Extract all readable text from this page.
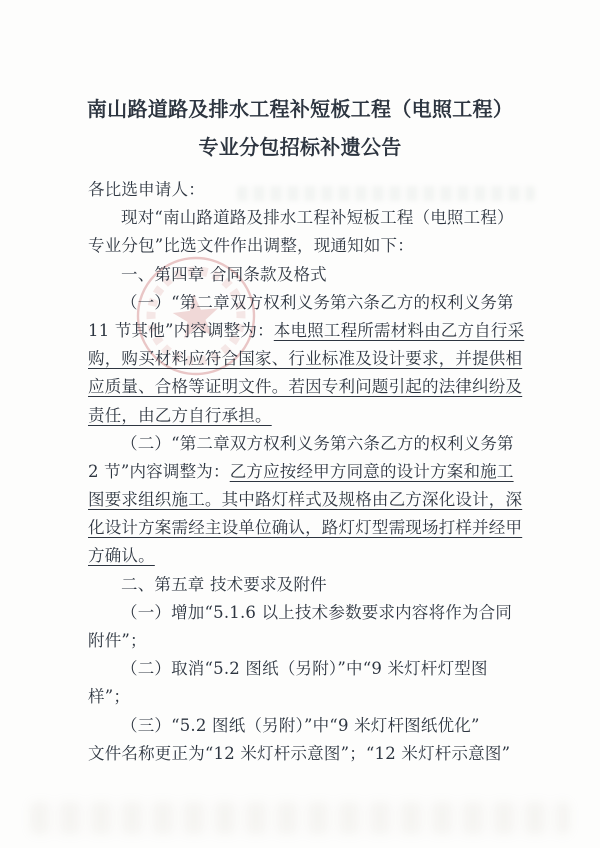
南山路道路及排水工程补短板工程（电照工程）
专业分包招标补遗公告
各比选申请人：
现对“南山路道路及排水工程补短板工程（电照工程）
专业分包”比选文件作出调整，现通知如下：
一、第四章 合同条款及格式
（一）“第二章双方权利义务第六条乙方的权利义务第
11 节其他”内容调整为：本电照工程所需材料由乙方自行采
购，购买材料应符合国家、行业标准及设计要求，并提供相
应质量、合格等证明文件。若因专利问题引起的法律纠纷及
责任，由乙方自行承担。
（二）“第二章双方权利义务第六条乙方的权利义务第
2 节”内容调整为：乙方应按经甲方同意的设计方案和施工
图要求组织施工。其中路灯样式及规格由乙方深化设计，深
化设计方案需经主设单位确认，路灯灯型需现场打样并经甲
方确认。
二、第五章 技术要求及附件
（一）增加“5.1.6 以上技术参数要求内容将作为合同
附件”；
（二）取消“5.2 图纸（另附）”中“9 米灯杆灯型图
样”；
（三）“5.2 图纸（另附）”中“9 米灯杆图纸优化”
文件名称更正为“12 米灯杆示意图”；“12 米灯杆示意图”
